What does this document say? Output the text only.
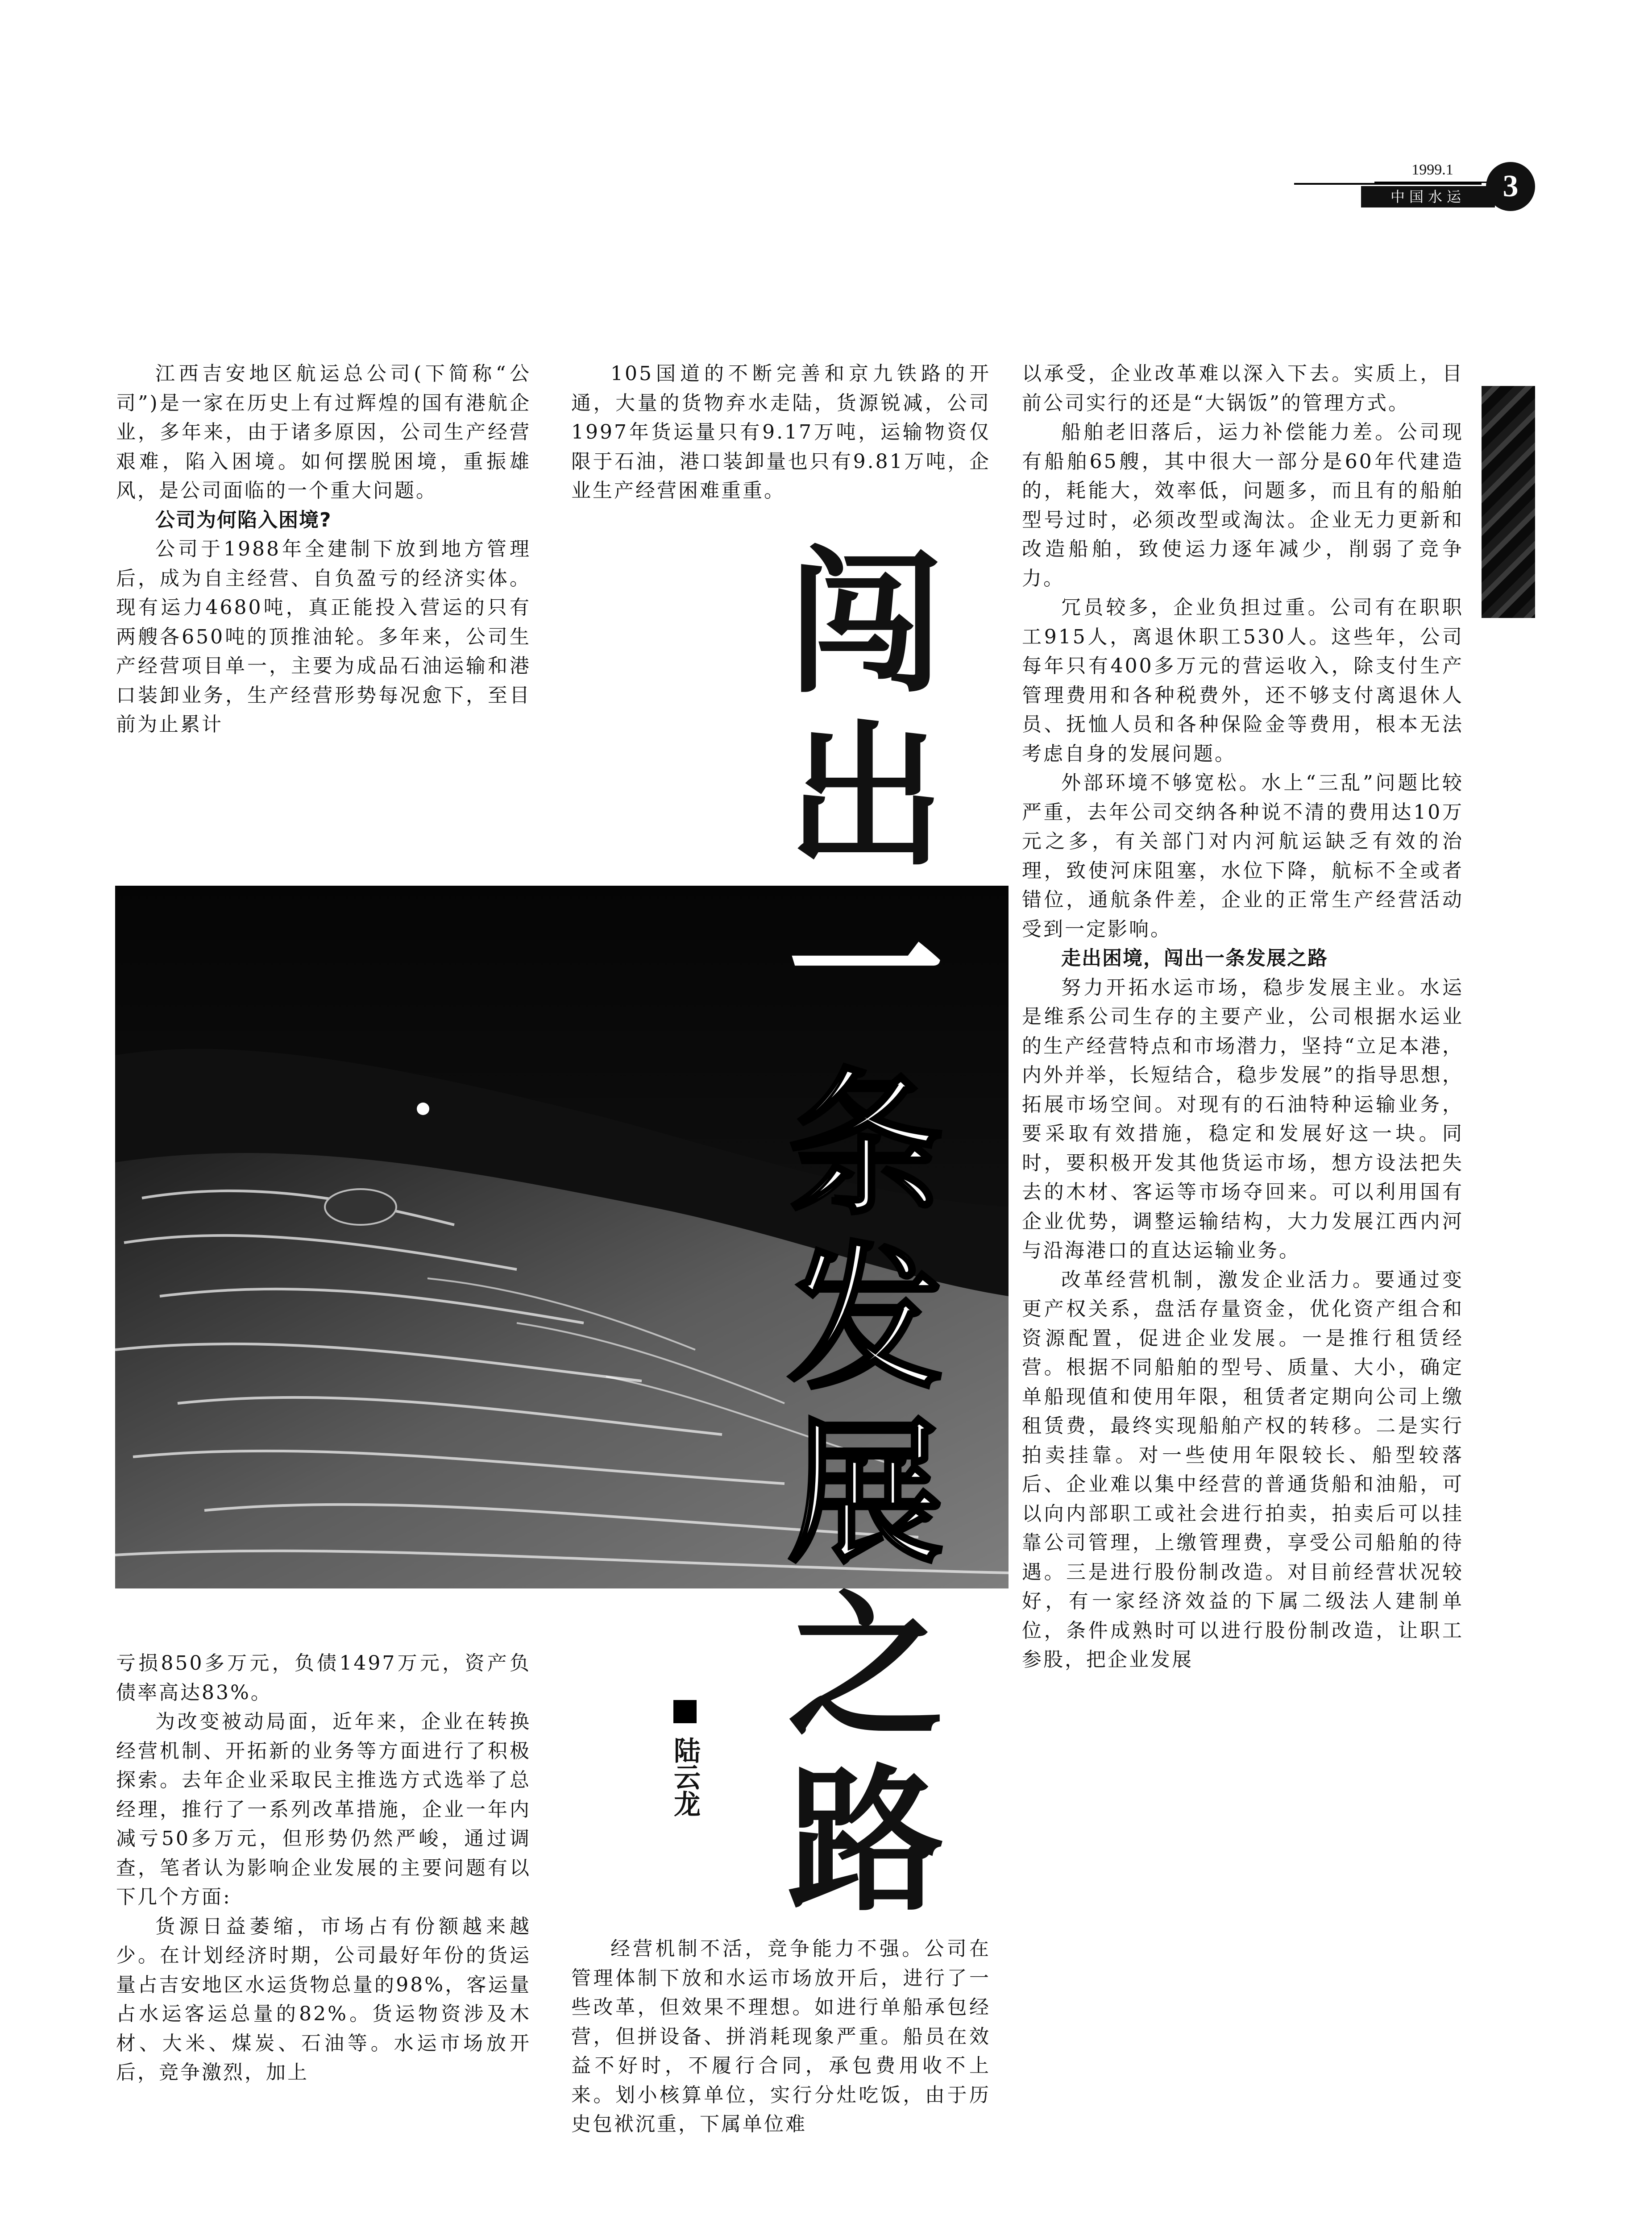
1999.1
中国水运	3

江西吉安地区航运总公司(下简称“公司”)是一家在历史上有过辉煌的国有港航企业，多年来，由于诸多原因，公司生产经营艰难，陷入困境。如何摆脱困境，重振雄风，是公司面临的一个重大问题。

公司为何陷入困境?

公司于1988年全建制下放到地方管理后，成为自主经营、自负盈亏的经济实体。现有运力4680吨，真正能投入营运的只有两艘各650吨的顶推油轮。多年来，公司生产经营项目单一，主要为成品石油运输和港口装卸业务，生产经营形势每况愈下，至目前为止累计

105国道的不断完善和京九铁路的开通，大量的货物弃水走陆，货源锐减，公司1997年货运量只有9.17万吨，运输物资仅限于石油，港口装卸量也只有9.81万吨，企业生产经营困难重重。

闯
出
一
条
发
展
之
路
陆云龙

亏损850多万元，负债1497万元，资产负债率高达83%。

为改变被动局面，近年来，企业在转换经营机制、开拓新的业务等方面进行了积极探索。去年企业采取民主推选方式选举了总经理，推行了一系列改革措施，企业一年内减亏50多万元，但形势仍然严峻，通过调查，笔者认为影响企业发展的主要问题有以下几个方面:

货源日益萎缩，市场占有份额越来越少。在计划经济时期，公司最好年份的货运量占吉安地区水运货物总量的98%，客运量占水运客运总量的82%。货运物资涉及木材、大米、煤炭、石油等。水运市场放开后，竞争激烈，加上

经营机制不活，竞争能力不强。公司在管理体制下放和水运市场放开后，进行了一些改革，但效果不理想。如进行单船承包经营，但拼设备、拼消耗现象严重。船员在效益不好时，不履行合同，承包费用收不上来。划小核算单位，实行分灶吃饭，由于历史包袱沉重，下属单位难

以承受，企业改革难以深入下去。实质上，目前公司实行的还是“大锅饭”的管理方式。

船舶老旧落后，运力补偿能力差。公司现有船舶65艘，其中很大一部分是60年代建造的，耗能大，效率低，问题多，而且有的船舶型号过时，必须改型或淘汰。企业无力更新和改造船舶，致使运力逐年减少，削弱了竞争力。

冗员较多，企业负担过重。公司有在职职工915人，离退休职工530人。这些年，公司每年只有400多万元的营运收入，除支付生产管理费用和各种税费外，还不够支付离退休人员、抚恤人员和各种保险金等费用，根本无法考虑自身的发展问题。

外部环境不够宽松。水上“三乱”问题比较严重，去年公司交纳各种说不清的费用达10万元之多，有关部门对内河航运缺乏有效的治理，致使河床阻塞，水位下降，航标不全或者错位，通航条件差，企业的正常生产经营活动受到一定影响。

走出困境，闯出一条发展之路

努力开拓水运市场，稳步发展主业。水运是维系公司生存的主要产业，公司根据水运业的生产经营特点和市场潜力，坚持“立足本港，内外并举，长短结合，稳步发展”的指导思想，拓展市场空间。对现有的石油特种运输业务，要采取有效措施，稳定和发展好这一块。同时，要积极开发其他货运市场，想方设法把失去的木材、客运等市场夺回来。可以利用国有企业优势，调整运输结构，大力发展江西内河与沿海港口的直达运输业务。

改革经营机制，激发企业活力。要通过变更产权关系，盘活存量资金，优化资产组合和资源配置，促进企业发展。一是推行租赁经营。根据不同船舶的型号、质量、大小，确定单船现值和使用年限，租赁者定期向公司上缴租赁费，最终实现船舶产权的转移。二是实行拍卖挂靠。对一些使用年限较长、船型较落后、企业难以集中经营的普通货船和油船，可以向内部职工或社会进行拍卖，拍卖后可以挂靠公司管理，上缴管理费，享受公司船舶的待遇。三是进行股份制改造。对目前经营状况较好，有一家经济效益的下属二级法人建制单位，条件成熟时可以进行股份制改造，让职工参股，把企业发展
